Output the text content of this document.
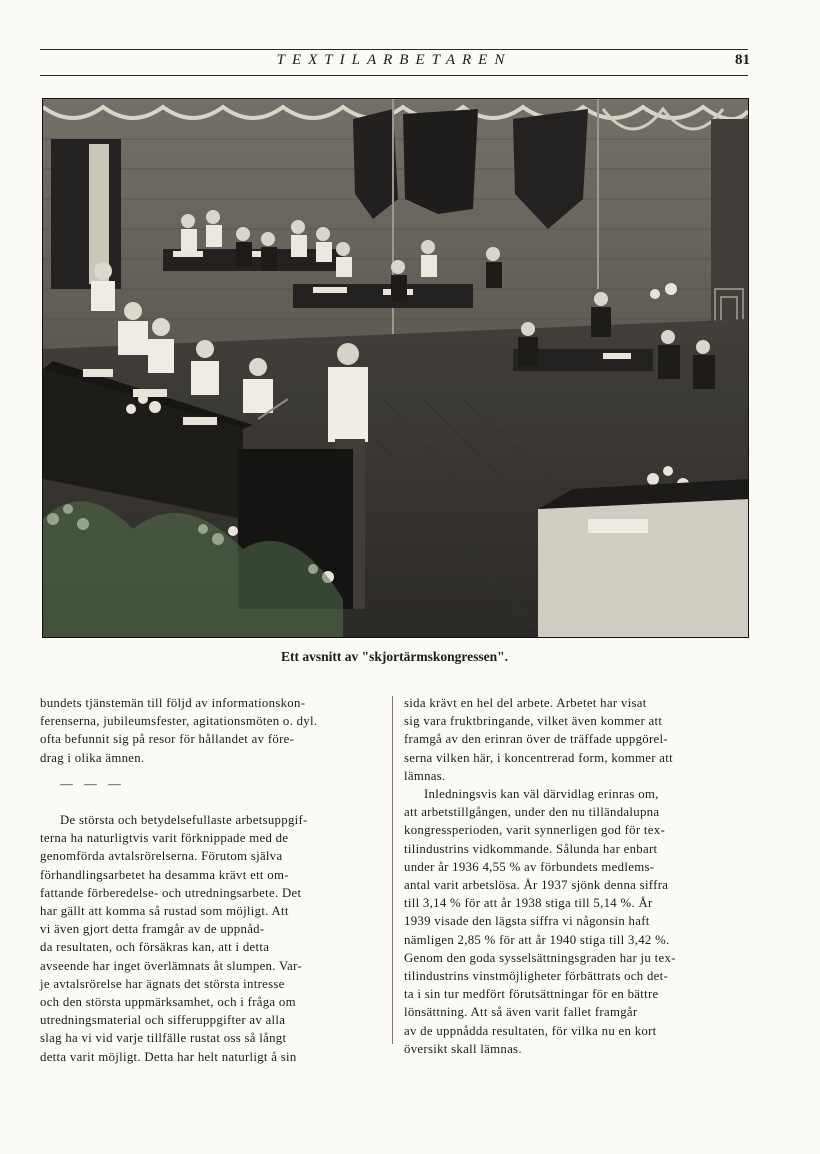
TEXTILARBETAREN	81
Ett avsnitt av "skjortärmskongressen".

bundets tjänstemän till följd av informationskon-
ferenserna, jubileumsfester, agitationsmöten o. dyl.
ofta befunnit sig på resor för hållandet av före-
drag i olika ämnen.

— — —

De största och betydelsefullaste arbetsuppgif-
terna ha naturligtvis varit förknippade med de
genomförda avtalsrörelserna. Förutom själva
förhandlingsarbetet ha desamma krävt ett om-
fattande förberedelse- och utredningsarbete. Det
har gällt att komma så rustad som möjligt. Att
vi även gjort detta framgår av de uppnåd-
da resultaten, och försäkras kan, att i detta
avseende har inget överlämnats åt slumpen. Var-
je avtalsrörelse har ägnats det största intresse
och den största uppmärksamhet, och i fråga om
utredningsmaterial och sifferuppgifter av alla
slag ha vi vid varje tillfälle rustat oss så långt
detta varit möjligt. Detta har helt naturligt å sin

sida krävt en hel del arbete. Arbetet har visat
sig vara fruktbringande, vilket även kommer att
framgå av den erinran över de träffade uppgörel-
serna vilken här, i koncentrerad form, kommer att
lämnas.

Inledningsvis kan väl därvidlag erinras om,
att arbetstillgången, under den nu tilländalupna
kongressperioden, varit synnerligen god för tex-
tilindustrins vidkommande. Sålunda har enbart
under år 1936 4,55 % av förbundets medlems-
antal varit arbetslösa. År 1937 sjönk denna siffra
till 3,14 % för att år 1938 stiga till 5,14 %. År
1939 visade den lägsta siffra vi någonsin haft
nämligen 2,85 % för att år 1940 stiga till 3,42 %.
Genom den goda sysselsättningsgraden har ju tex-
tilindustrins vinstmöjligheter förbättrats och det-
ta i sin tur medfört förutsättningar för en bättre
lönsättning. Att så även varit fallet framgår
av de uppnådda resultaten, för vilka nu en kort
översikt skall lämnas.
